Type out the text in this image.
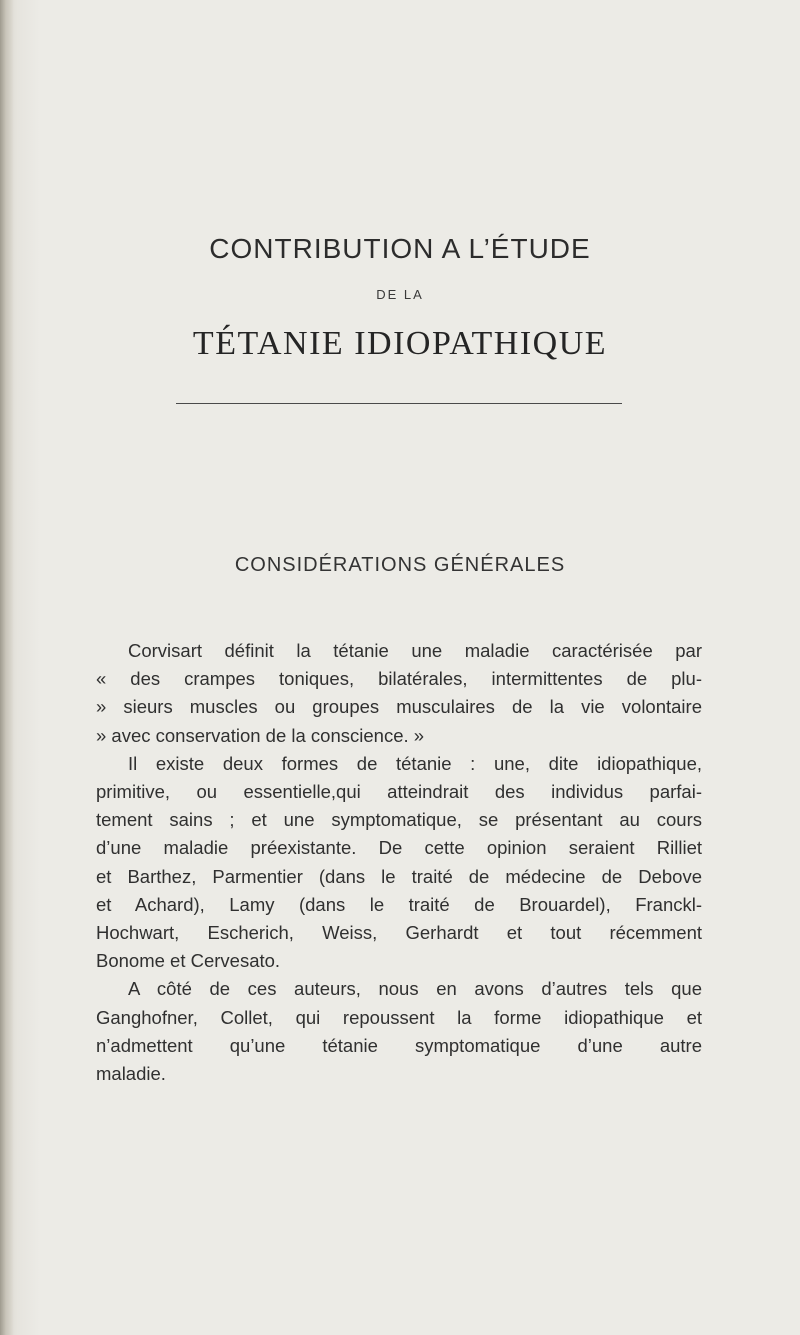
CONTRIBUTION A L’ÉTUDE
DE LA
TÉTANIE IDIOPATHIQUE
CONSIDÉRATIONS GÉNÉRALES

Corvisart définit la tétanie une maladie caractérisée par
« des crampes toniques, bilatérales, intermittentes de plu-
» sieurs muscles ou groupes musculaires de la vie volontaire
» avec conservation de la conscience. »

Il existe deux formes de tétanie : une, dite idiopathique,
primitive, ou essentielle,qui atteindrait des individus parfai-
tement sains ; et une symptomatique, se présentant au cours
d’une maladie préexistante. De cette opinion seraient Rilliet
et Barthez, Parmentier (dans le traité de médecine de Debove
et Achard), Lamy (dans le traité de Brouardel), Franckl-
Hochwart, Escherich, Weiss, Gerhardt et tout récemment
Bonome et Cervesato.

A côté de ces auteurs, nous en avons d’autres tels que
Ganghofner, Collet, qui repoussent la forme idiopathique et
n’admettent qu’une tétanie symptomatique d’une autre
maladie.
